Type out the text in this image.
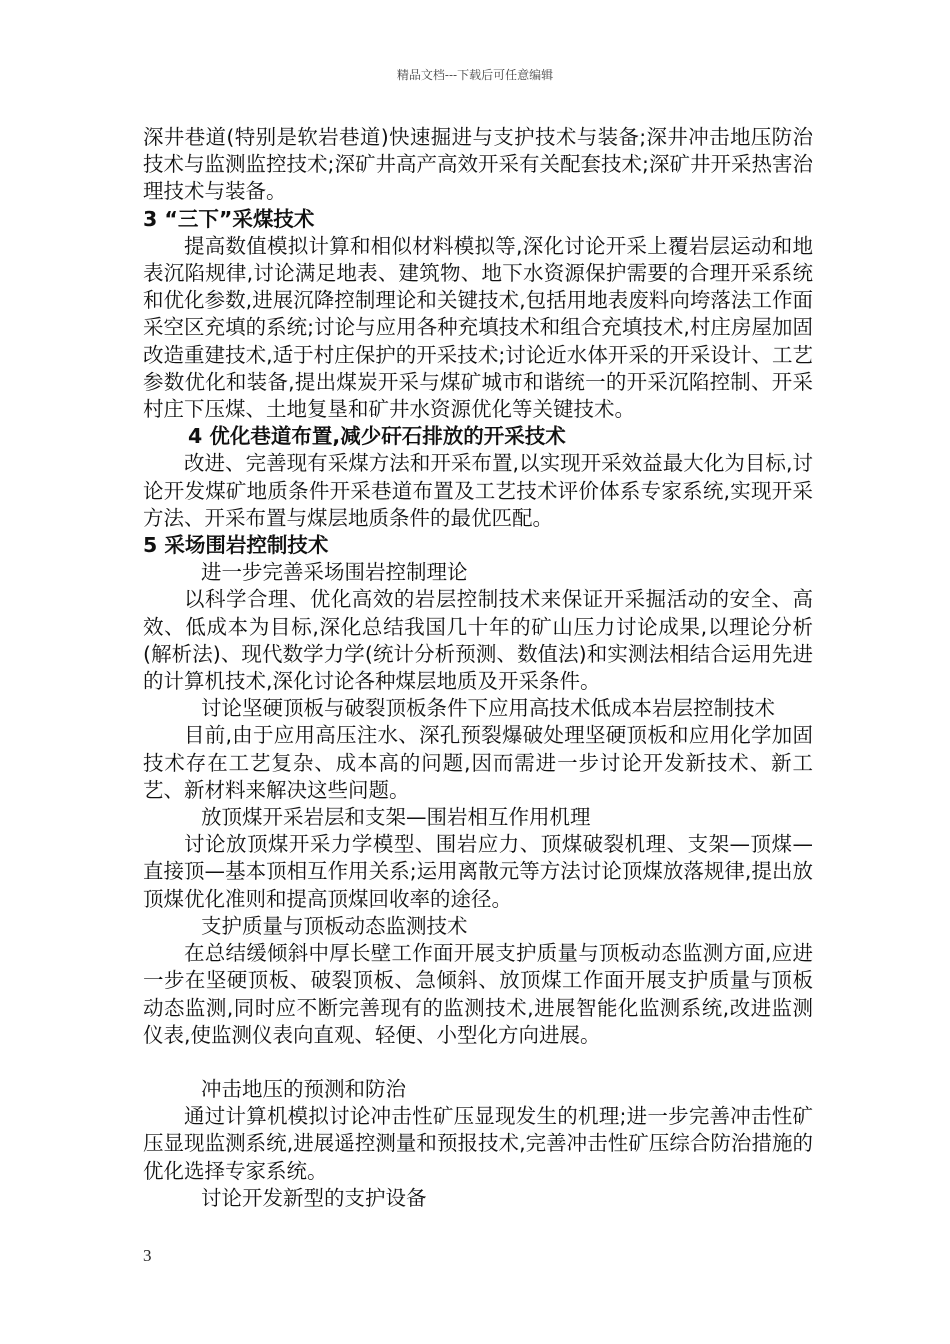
精品文档---下载后可任意编辑

深井巷道(特别是软岩巷道)快速掘进与支护技术与装备;深井冲击地压防治技术与监测监控技术;深矿井高产高效开采有关配套技术;深矿井开采热害治理技术与装备。

3 “三下”采煤技术

提高数值模拟计算和相似材料模拟等,深化讨论开采上覆岩层运动和地表沉陷规律,讨论满足地表、建筑物、地下水资源保护需要的合理开采系统和优化参数,进展沉降控制理论和关键技术,包括用地表废料向垮落法工作面采空区充填的系统;讨论与应用各种充填技术和组合充填技术,村庄房屋加固改造重建技术,适于村庄保护的开采技术;讨论近水体开采的开采设计、工艺参数优化和装备,提出煤炭开采与煤矿城市和谐统一的开采沉陷控制、开采村庄下压煤、土地复垦和矿井水资源优化等关键技术。

4 优化巷道布置,减少矸石排放的开采技术

改进、完善现有采煤方法和开采布置,以实现开采效益最大化为目标,讨论开发煤矿地质条件开采巷道布置及工艺技术评价体系专家系统,实现开采方法、开采布置与煤层地质条件的最优匹配。

5 采场围岩控制技术

进一步完善采场围岩控制理论

以科学合理、优化高效的岩层控制技术来保证开采掘活动的安全、高效、低成本为目标,深化总结我国几十年的矿山压力讨论成果,以理论分析(解析法)、现代数学力学(统计分析预测、数值法)和实测法相结合运用先进的计算机技术,深化讨论各种煤层地质及开采条件。

讨论坚硬顶板与破裂顶板条件下应用高技术低成本岩层控制技术

目前,由于应用高压注水、深孔预裂爆破处理坚硬顶板和应用化学加固技术存在工艺复杂、成本高的问题,因而需进一步讨论开发新技术、新工艺、新材料来解决这些问题。

放顶煤开采岩层和支架—围岩相互作用机理

讨论放顶煤开采力学模型、围岩应力、顶煤破裂机理、支架—顶煤—直接顶—基本顶相互作用关系;运用离散元等方法讨论顶煤放落规律,提出放顶煤优化准则和提高顶煤回收率的途径。

支护质量与顶板动态监测技术

在总结缓倾斜中厚长壁工作面开展支护质量与顶板动态监测方面,应进一步在坚硬顶板、破裂顶板、急倾斜、放顶煤工作面开展支护质量与顶板动态监测,同时应不断完善现有的监测技术,进展智能化监测系统,改进监测仪表,使监测仪表向直观、轻便、小型化方向进展。

冲击地压的预测和防治

通过计算机模拟讨论冲击性矿压显现发生的机理;进一步完善冲击性矿压显现监测系统,进展遥控测量和预报技术,完善冲击性矿压综合防治措施的优化选择专家系统。

讨论开发新型的支护设备

3
